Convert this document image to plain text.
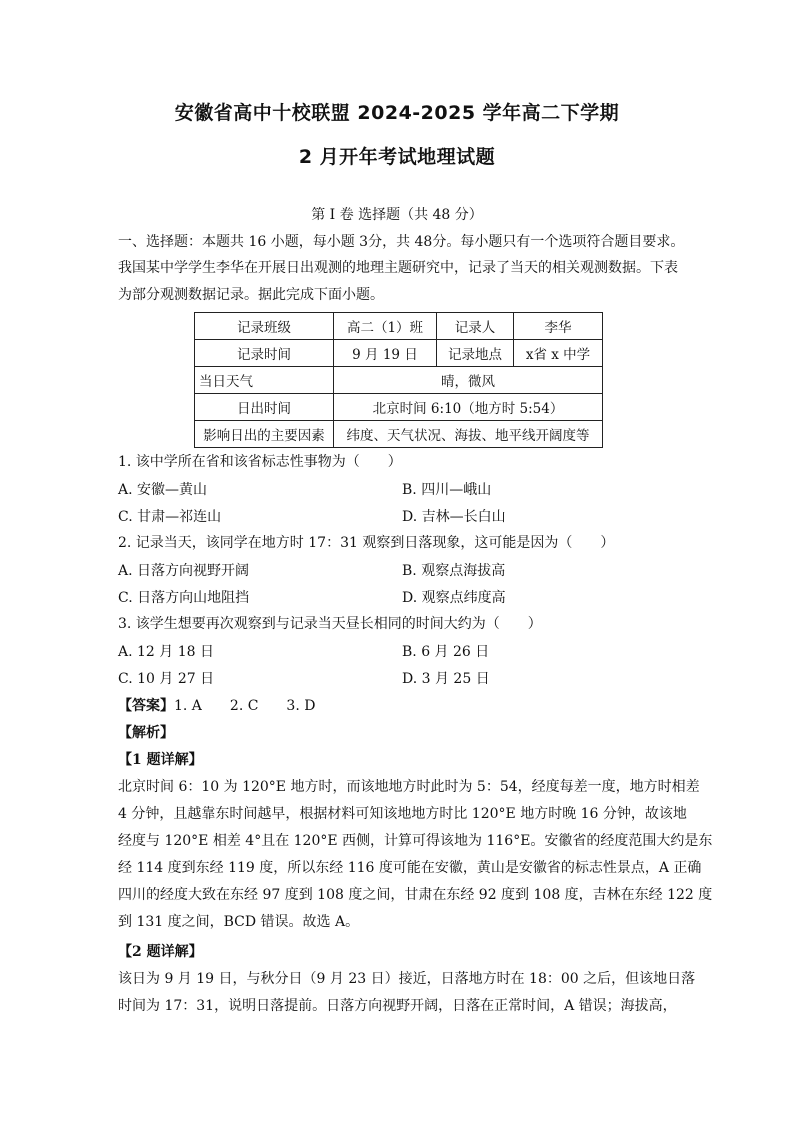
安徽省高中十校联盟 2024-2025 学年高二下学期
2 月开年考试地理试题
第 I 卷 选择题（共 48 分）
一、选择题：本题共 16 小题，每小题 3分，共 48分。每小题只有一个选项符合题目要求。
我国某中学学生李华在开展日出观测的地理主题研究中，记录了当天的相关观测数据。下表
为部分观测数据记录。据此完成下面小题。
记录班级	高二（1）班	记录人	李华
记录时间	9 月 19 日	记录地点	x省 x 中学
当日天气	晴，微风		
日出时间	北京时间 6:10（地方时 5:54）		
影响日出的主要因素	纬度、天气状况、海拔、地平线开阔度等		
1. 该中学所在省和该省标志性事物为（　　）
A. 安徽—黄山	B. 四川—峨山
C. 甘肃—祁连山	D. 吉林—长白山
2. 记录当天，该同学在地方时 17：31 观察到日落现象，这可能是因为（　　）
A. 日落方向视野开阔	B. 观察点海拔高
C. 日落方向山地阻挡	D. 观察点纬度高
3. 该学生想要再次观察到与记录当天昼长相同的时间大约为（　　）
A. 12 月 18 日	B. 6 月 26 日
C. 10 月 27 日	D. 3 月 25 日
【答案】1. A　　2. C　　3. D
【解析】
【1 题详解】
北京时间 6：10 为 120°E 地方时，而该地地方时此时为 5：54，经度每差一度，地方时相差
4 分钟，且越靠东时间越早，根据材料可知该地地方时比 120°E 地方时晚 16 分钟，故该地
经度与 120°E 相差 4°且在 120°E 西侧，计算可得该地为 116°E。安徽省的经度范围大约是东
经 114 度到东经 119 度，所以东经 116 度可能在安徽，黄山是安徽省的标志性景点，A 正确
四川的经度大致在东经 97 度到 108 度之间，甘肃在东经 92 度到 108 度，吉林在东经 122 度
到 131 度之间，BCD 错误。故选 A。
【2 题详解】
该日为 9 月 19 日，与秋分日（9 月 23 日）接近，日落地方时在 18：00 之后，但该地日落
时间为 17：31，说明日落提前。日落方向视野开阔，日落在正常时间，A 错误；海拔高，
